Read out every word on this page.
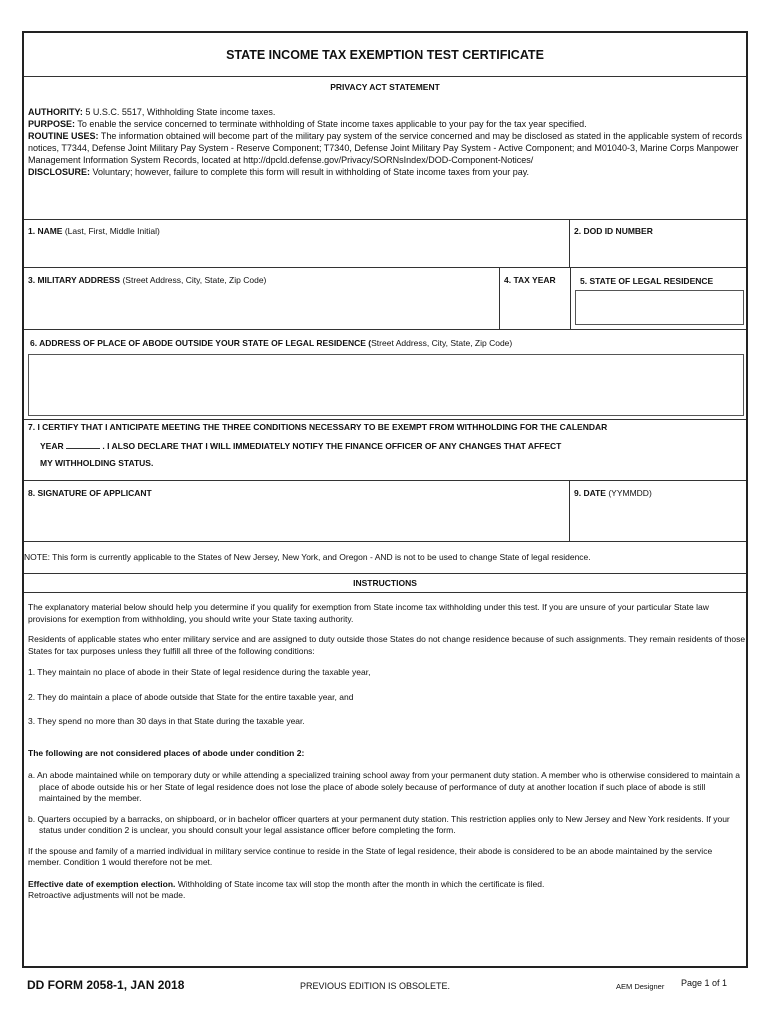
STATE INCOME TAX EXEMPTION TEST CERTIFICATE
PRIVACY ACT STATEMENT

AUTHORITY: 5 U.S.C. 5517, Withholding State income taxes.

PURPOSE: To enable the service concerned to terminate withholding of State income taxes applicable to your pay for the tax year specified.

ROUTINE USES: The information obtained will become part of the military pay system of the service concerned and may be disclosed as stated in the applicable system of records notices, T7344, Defense Joint Military Pay System - Reserve Component; T7340, Defense Joint Military Pay System - Active Component; and M01040-3, Marine Corps Manpower Management Information System Records, located at http://dpcld.defense.gov/Privacy/SORNsIndex/DOD-Component-Notices/

DISCLOSURE: Voluntary; however, failure to complete this form will result in withholding of State income taxes from your pay.

1. NAME (Last, First, Middle Initial)	2. DOD ID NUMBER
3. MILITARY ADDRESS (Street Address, City, State, Zip Code)	4. TAX YEAR	5. STATE OF LEGAL RESIDENCE
6. ADDRESS OF PLACE OF ABODE OUTSIDE YOUR STATE OF LEGAL RESIDENCE (Street Address, City, State, Zip Code)
7. I CERTIFY THAT I ANTICIPATE MEETING THE THREE CONDITIONS NECESSARY TO BE EXEMPT FROM WITHHOLDING FOR THE CALENDAR
YEAR	. I ALSO DECLARE THAT I WILL IMMEDIATELY NOTIFY THE FINANCE OFFICER OF ANY CHANGES THAT AFFECT
MY WITHHOLDING STATUS.
8. SIGNATURE OF APPLICANT	9. DATE (YYMMDD)
NOTE: This form is currently applicable to the States of New Jersey, New York, and Oregon - AND is not to be used to change State of legal residence.
INSTRUCTIONS

The explanatory material below should help you determine if you qualify for exemption from State income tax withholding under this test. If you are unsure of your particular State law provisions for exemption from withholding, you should write your State taxing authority.

Residents of applicable states who enter military service and are assigned to duty outside those States do not change residence because of such assignments. They remain residents of those States for tax purposes unless they fulfill all three of the following conditions:

1. They maintain no place of abode in their State of legal residence during the taxable year,

2. They do maintain a place of abode outside that State for the entire taxable year, and

3. They spend no more than 30 days in that State during the taxable year.

The following are not considered places of abode under condition 2:

a. An abode maintained while on temporary duty or while attending a specialized training school away from your permanent duty station. A member who is otherwise considered to maintain a place of abode outside his or her State of legal residence does not lose the place of abode solely because of performance of duty at another location if such place of abode is still maintained by the member.

b. Quarters occupied by a barracks, on shipboard, or in bachelor officer quarters at your permanent duty station. This restriction applies only to New Jersey and New York residents. If your status under condition 2 is unclear, you should consult your legal assistance officer before completing the form.

If the spouse and family of a married individual in military service continue to reside in the State of legal residence, their abode is considered to be an abode maintained by the service member. Condition 1 would therefore not be met.

Effective date of exemption election. Withholding of State income tax will stop the month after the month in which the certificate is filed.

Retroactive adjustments will not be made.

DD FORM 2058-1, JAN 2018	PREVIOUS EDITION IS OBSOLETE.	AEM Designer Page 1 of 1
